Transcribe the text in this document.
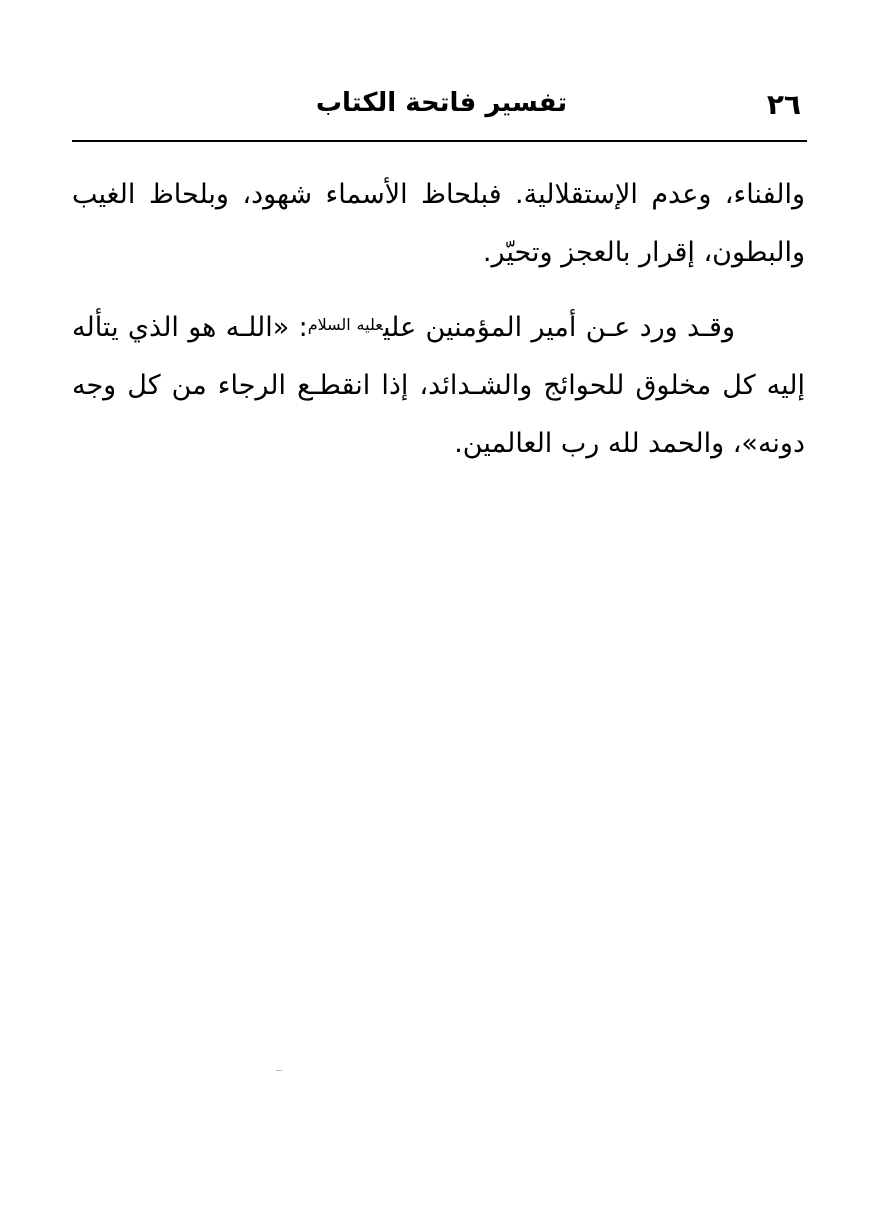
٢٦
تفسير فاتحة الكتاب

والفناء، وعدم الإستقلالية. فبلحاظ الأسماء شهود، وبلحاظ الغيب والبطون، إقرار بالعجز وتحيّر.

وقـد ورد عـن أمير المؤمنين علي$^{عليه السلام}$: «اللـه هو الذي يتأله إليه كل مخلوق للحوائج والشـدائد، إذا انقطـع الرجاء من كل وجه دونه»، والحمد لله رب العالمين.
